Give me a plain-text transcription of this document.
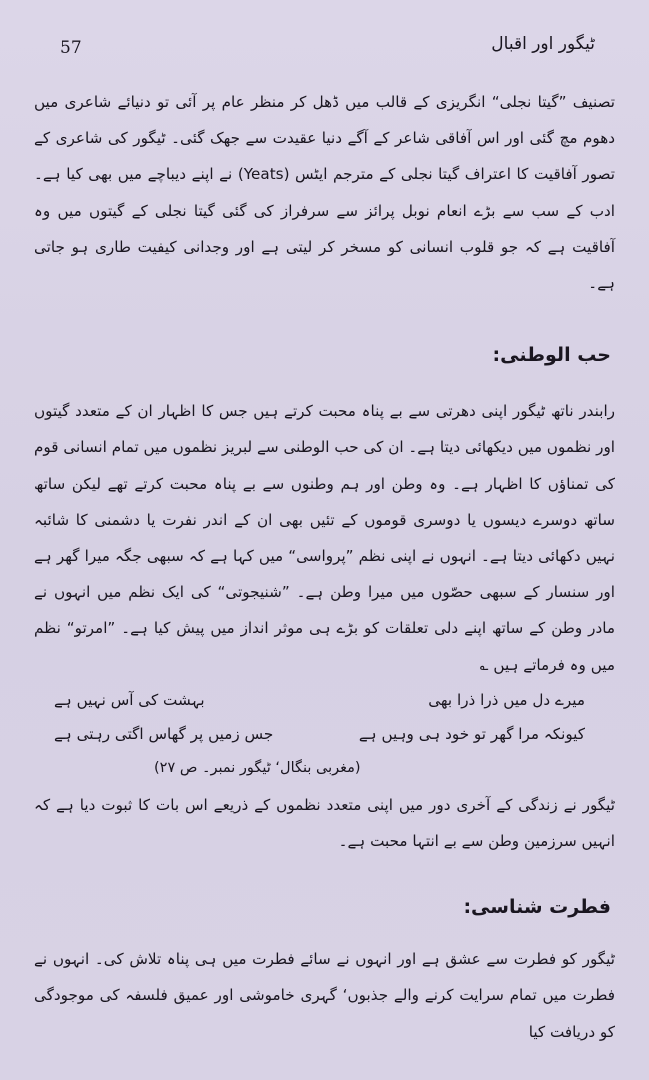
57	ٹیگور اور اقبال

تصنیف ”گیتا نجلی“ انگریزی کے قالب میں ڈھل کر منظر عام پر آئی تو دنیائے شاعری میں دھوم مچ گئی اور اس آفاقی شاعر کے آگے دنیا عقیدت سے جھک گئی۔ ٹیگور کی شاعری کے تصور آفاقیت کا اعتراف گیتا نجلی کے مترجم ایٹس (Yeats) نے اپنے دیباچے میں بھی کیا ہے۔ ادب کے سب سے بڑے انعام نوبل پرائز سے سرفراز کی گئی گیتا نجلی کے گیتوں میں وہ آفاقیت ہے کہ جو قلوب انسانی کو مسخر کر لیتی ہے اور وجدانی کیفیت طاری ہو جاتی ہے۔

حب الوطنی:

رابندر ناتھ ٹیگور اپنی دھرتی سے بے پناہ محبت کرتے ہیں جس کا اظہار ان کے متعدد گیتوں اور نظموں میں دیکھائی دیتا ہے۔ ان کی حب الوطنی سے لبریز نظموں میں تمام انسانی قوم کی تمناؤں کا اظہار ہے۔ وہ وطن اور ہم وطنوں سے بے پناہ محبت کرتے تھے لیکن ساتھ ساتھ دوسرے دیسوں یا دوسری قوموں کے تئیں بھی ان کے اندر نفرت یا دشمنی کا شائبہ نہیں دکھائی دیتا ہے۔ انہوں نے اپنی نظم ”پرواسی“ میں کہا ہے کہ سبھی جگہ میرا گھر ہے اور سنسار کے سبھی حصّوں میں میرا وطن ہے۔ ”شنیجوتی“ کی ایک نظم میں انہوں نے مادر وطن کے ساتھ اپنے دلی تعلقات کو بڑے ہی موثر انداز میں پیش کیا ہے۔ ”امرتو“ نظم میں وہ فرماتے ہیں ؎

میرے دل میں ذرا ذرا بھی
بہشت کی آس نہیں ہے
کیونکہ مرا گھر تو خود ہی وہیں ہے
جس زمیں پر گھاس اگتی رہتی ہے
(مغربی بنگال‘ ٹیگور نمبر۔ ص ۲۷)

ٹیگور نے زندگی کے آخری دور میں اپنی متعدد نظموں کے ذریعے اس بات کا ثبوت دیا ہے کہ انہیں سرزمین وطن سے بے انتہا محبت ہے۔

فطرت شناسی:

ٹیگور کو فطرت سے عشق ہے اور انہوں نے سائے فطرت میں ہی پناہ تلاش کی۔ انہوں نے فطرت میں تمام سرایت کرنے والے جذبوں‘ گہری خاموشی اور عمیق فلسفہ کی موجودگی کو دریافت کیا
